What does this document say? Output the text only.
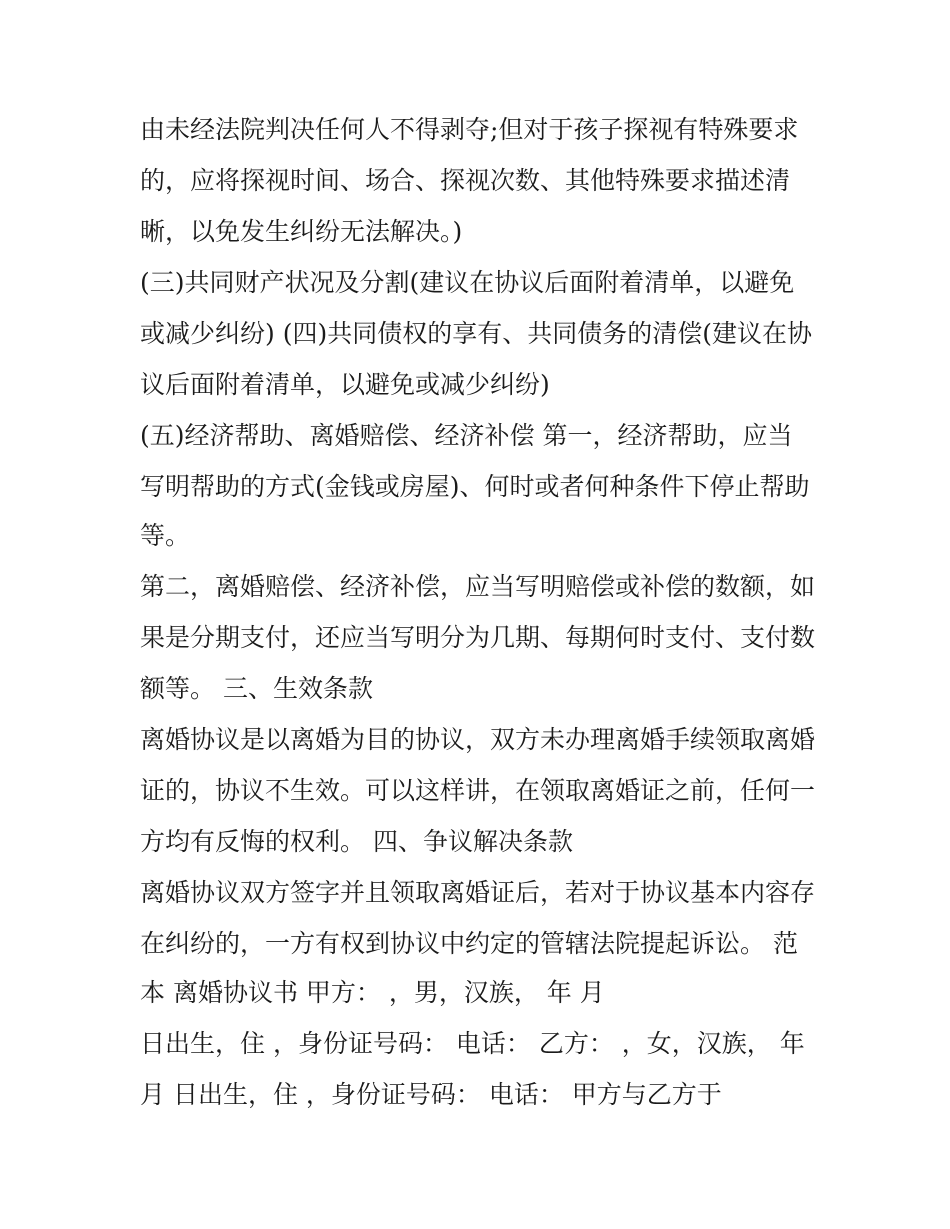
由未经法院判决任何人不得剥夺;但对于孩子探视有特殊要求
的，应将探视时间、场合、探视次数、其他特殊要求描述清
晰，以免发生纠纷无法解决。)
(三)共同财产状况及分割(建议在协议后面附着清单，以避免
或减少纠纷) (四)共同债权的享有、共同债务的清偿(建议在协
议后面附着清单，以避免或减少纠纷)
(五)经济帮助、离婚赔偿、经济补偿 第一，经济帮助，应当
写明帮助的方式(金钱或房屋)、何时或者何种条件下停止帮助
等。
第二，离婚赔偿、经济补偿，应当写明赔偿或补偿的数额，如
果是分期支付，还应当写明分为几期、每期何时支付、支付数
额等。 三、生效条款
离婚协议是以离婚为目的协议，双方未办理离婚手续领取离婚
证的，协议不生效。可以这样讲，在领取离婚证之前，任何一
方均有反悔的权利。 四、争议解决条款
离婚协议双方签字并且领取离婚证后，若对于协议基本内容存
在纠纷的，一方有权到协议中约定的管辖法院提起诉讼。 范
本 离婚协议书 甲方： ，男，汉族， 年 月
日出生，住 ，身份证号码： 电话： 乙方： ，女，汉族， 年
月 日出生，住 ，身份证号码： 电话： 甲方与乙方于
